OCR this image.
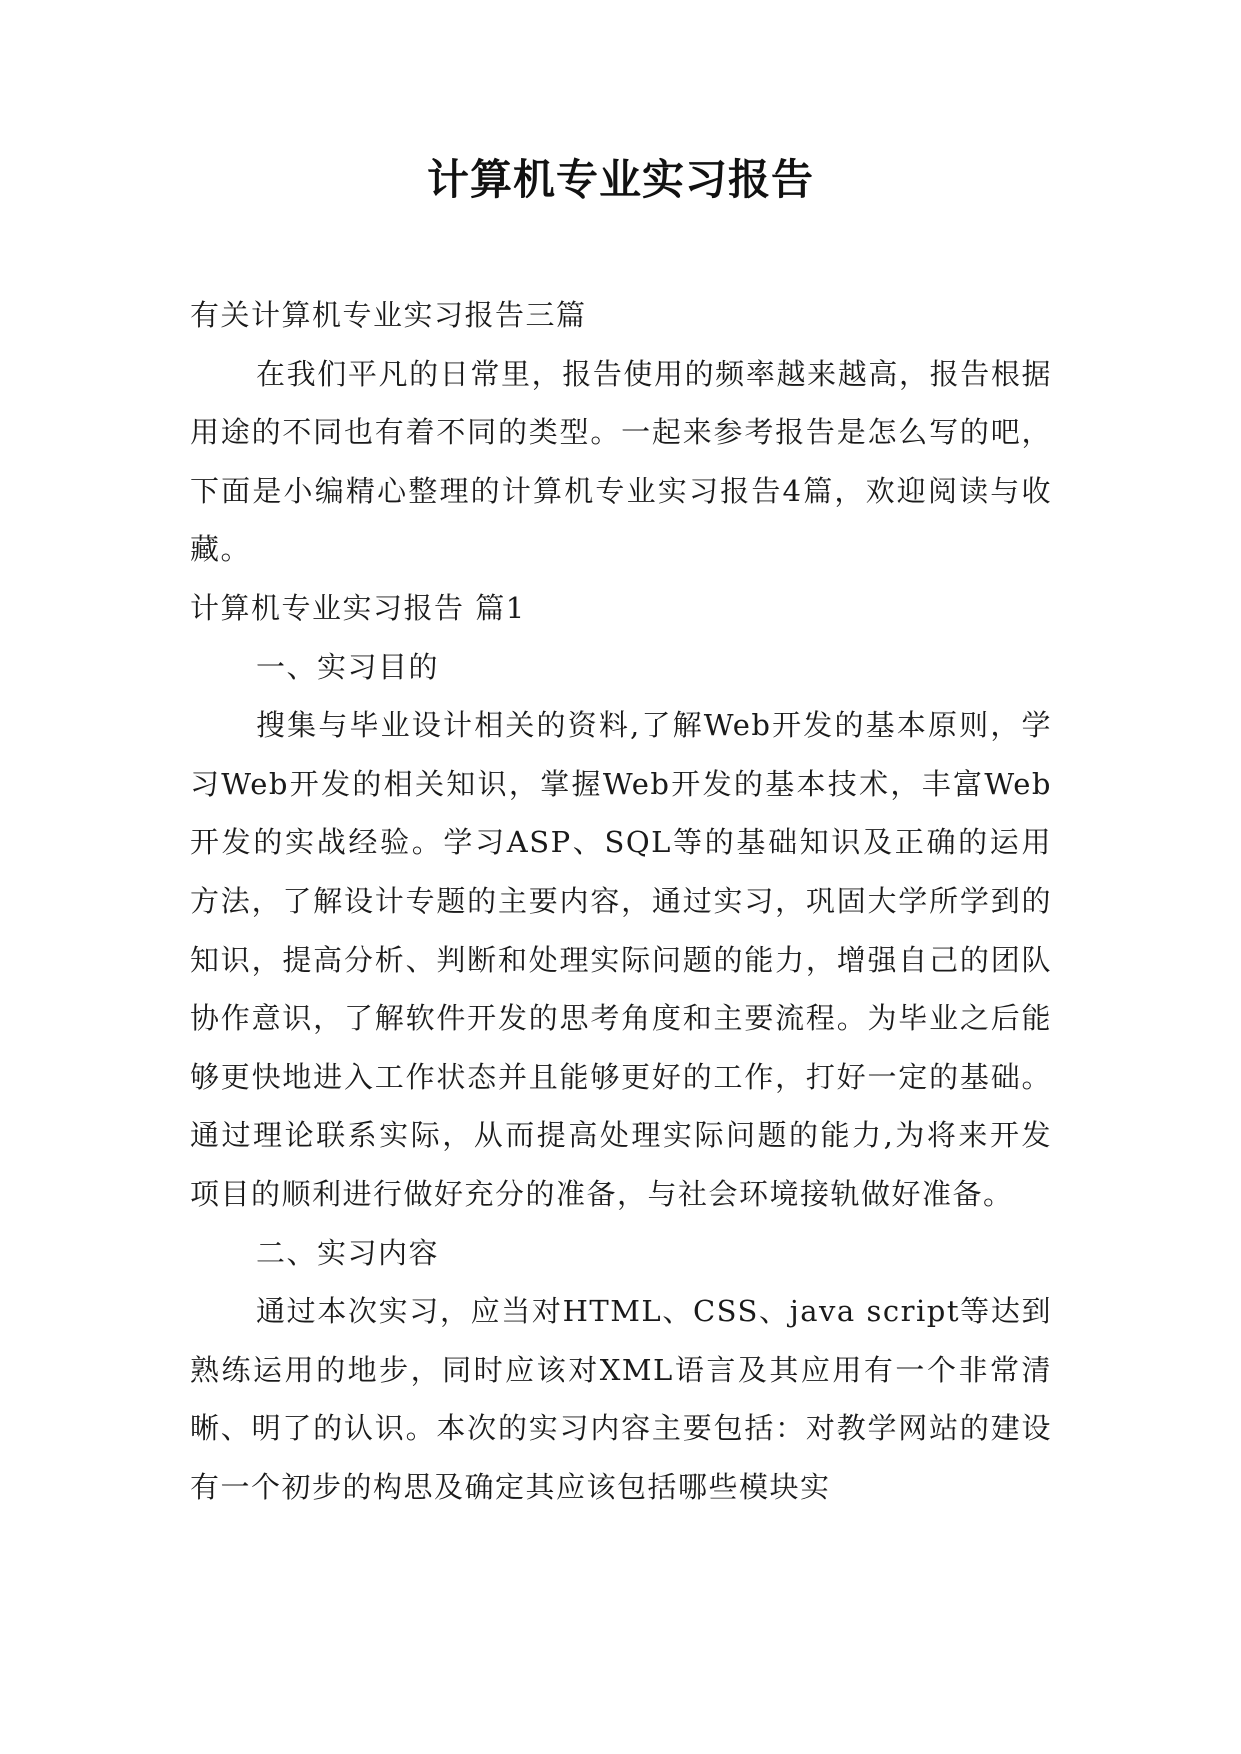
计算机专业实习报告

有关计算机专业实习报告三篇

在我们平凡的日常里，报告使用的频率越来越高，报告根据用途的不同也有着不同的类型。一起来参考报告是怎么写的吧，下面是小编精心整理的计算机专业实习报告4篇，欢迎阅读与收藏。

计算机专业实习报告 篇1

一、实习目的

搜集与毕业设计相关的资料,了解Web开发的基本原则，学习Web开发的相关知识，掌握Web开发的基本技术，丰富Web开发的实战经验。学习ASP、SQL等的基础知识及正确的运用方法，了解设计专题的主要内容，通过实习，巩固大学所学到的知识，提高分析、判断和处理实际问题的能力，增强自己的团队协作意识，了解软件开发的思考角度和主要流程。为毕业之后能够更快地进入工作状态并且能够更好的工作，打好一定的基础。通过理论联系实际，从而提高处理实际问题的能力,为将来开发项目的顺利进行做好充分的准备，与社会环境接轨做好准备。

二、实习内容

通过本次实习，应当对HTML、CSS、java script等达到熟练运用的地步，同时应该对XML语言及其应用有一个非常清晰、明了的认识。本次的实习内容主要包括：对教学网站的建设有一个初步的构思及确定其应该包括哪些模块实
